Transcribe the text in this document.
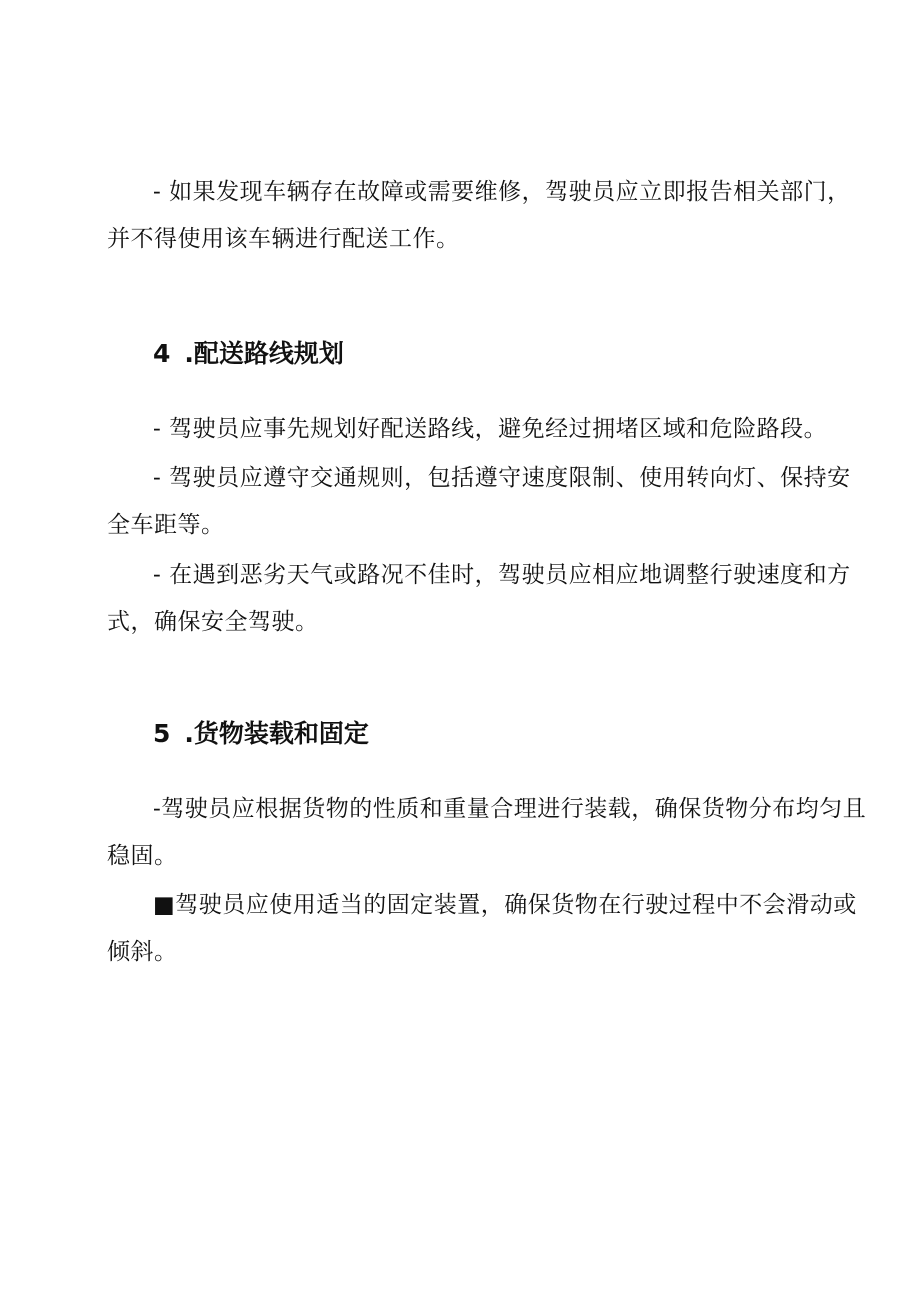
- 如果发现车辆存在故障或需要维修，驾驶员应立即报告相关部门，并不得使用该车辆进行配送工作。

4 .配送路线规划

- 驾驶员应事先规划好配送路线，避免经过拥堵区域和危险路段。

- 驾驶员应遵守交通规则，包括遵守速度限制、使用转向灯、保持安全车距等。

- 在遇到恶劣天气或路况不佳时，驾驶员应相应地调整行驶速度和方式，确保安全驾驶。

5 .货物装载和固定

-驾驶员应根据货物的性质和重量合理进行装载，确保货物分布均匀且稳固。

■驾驶员应使用适当的固定装置，确保货物在行驶过程中不会滑动或倾斜。
